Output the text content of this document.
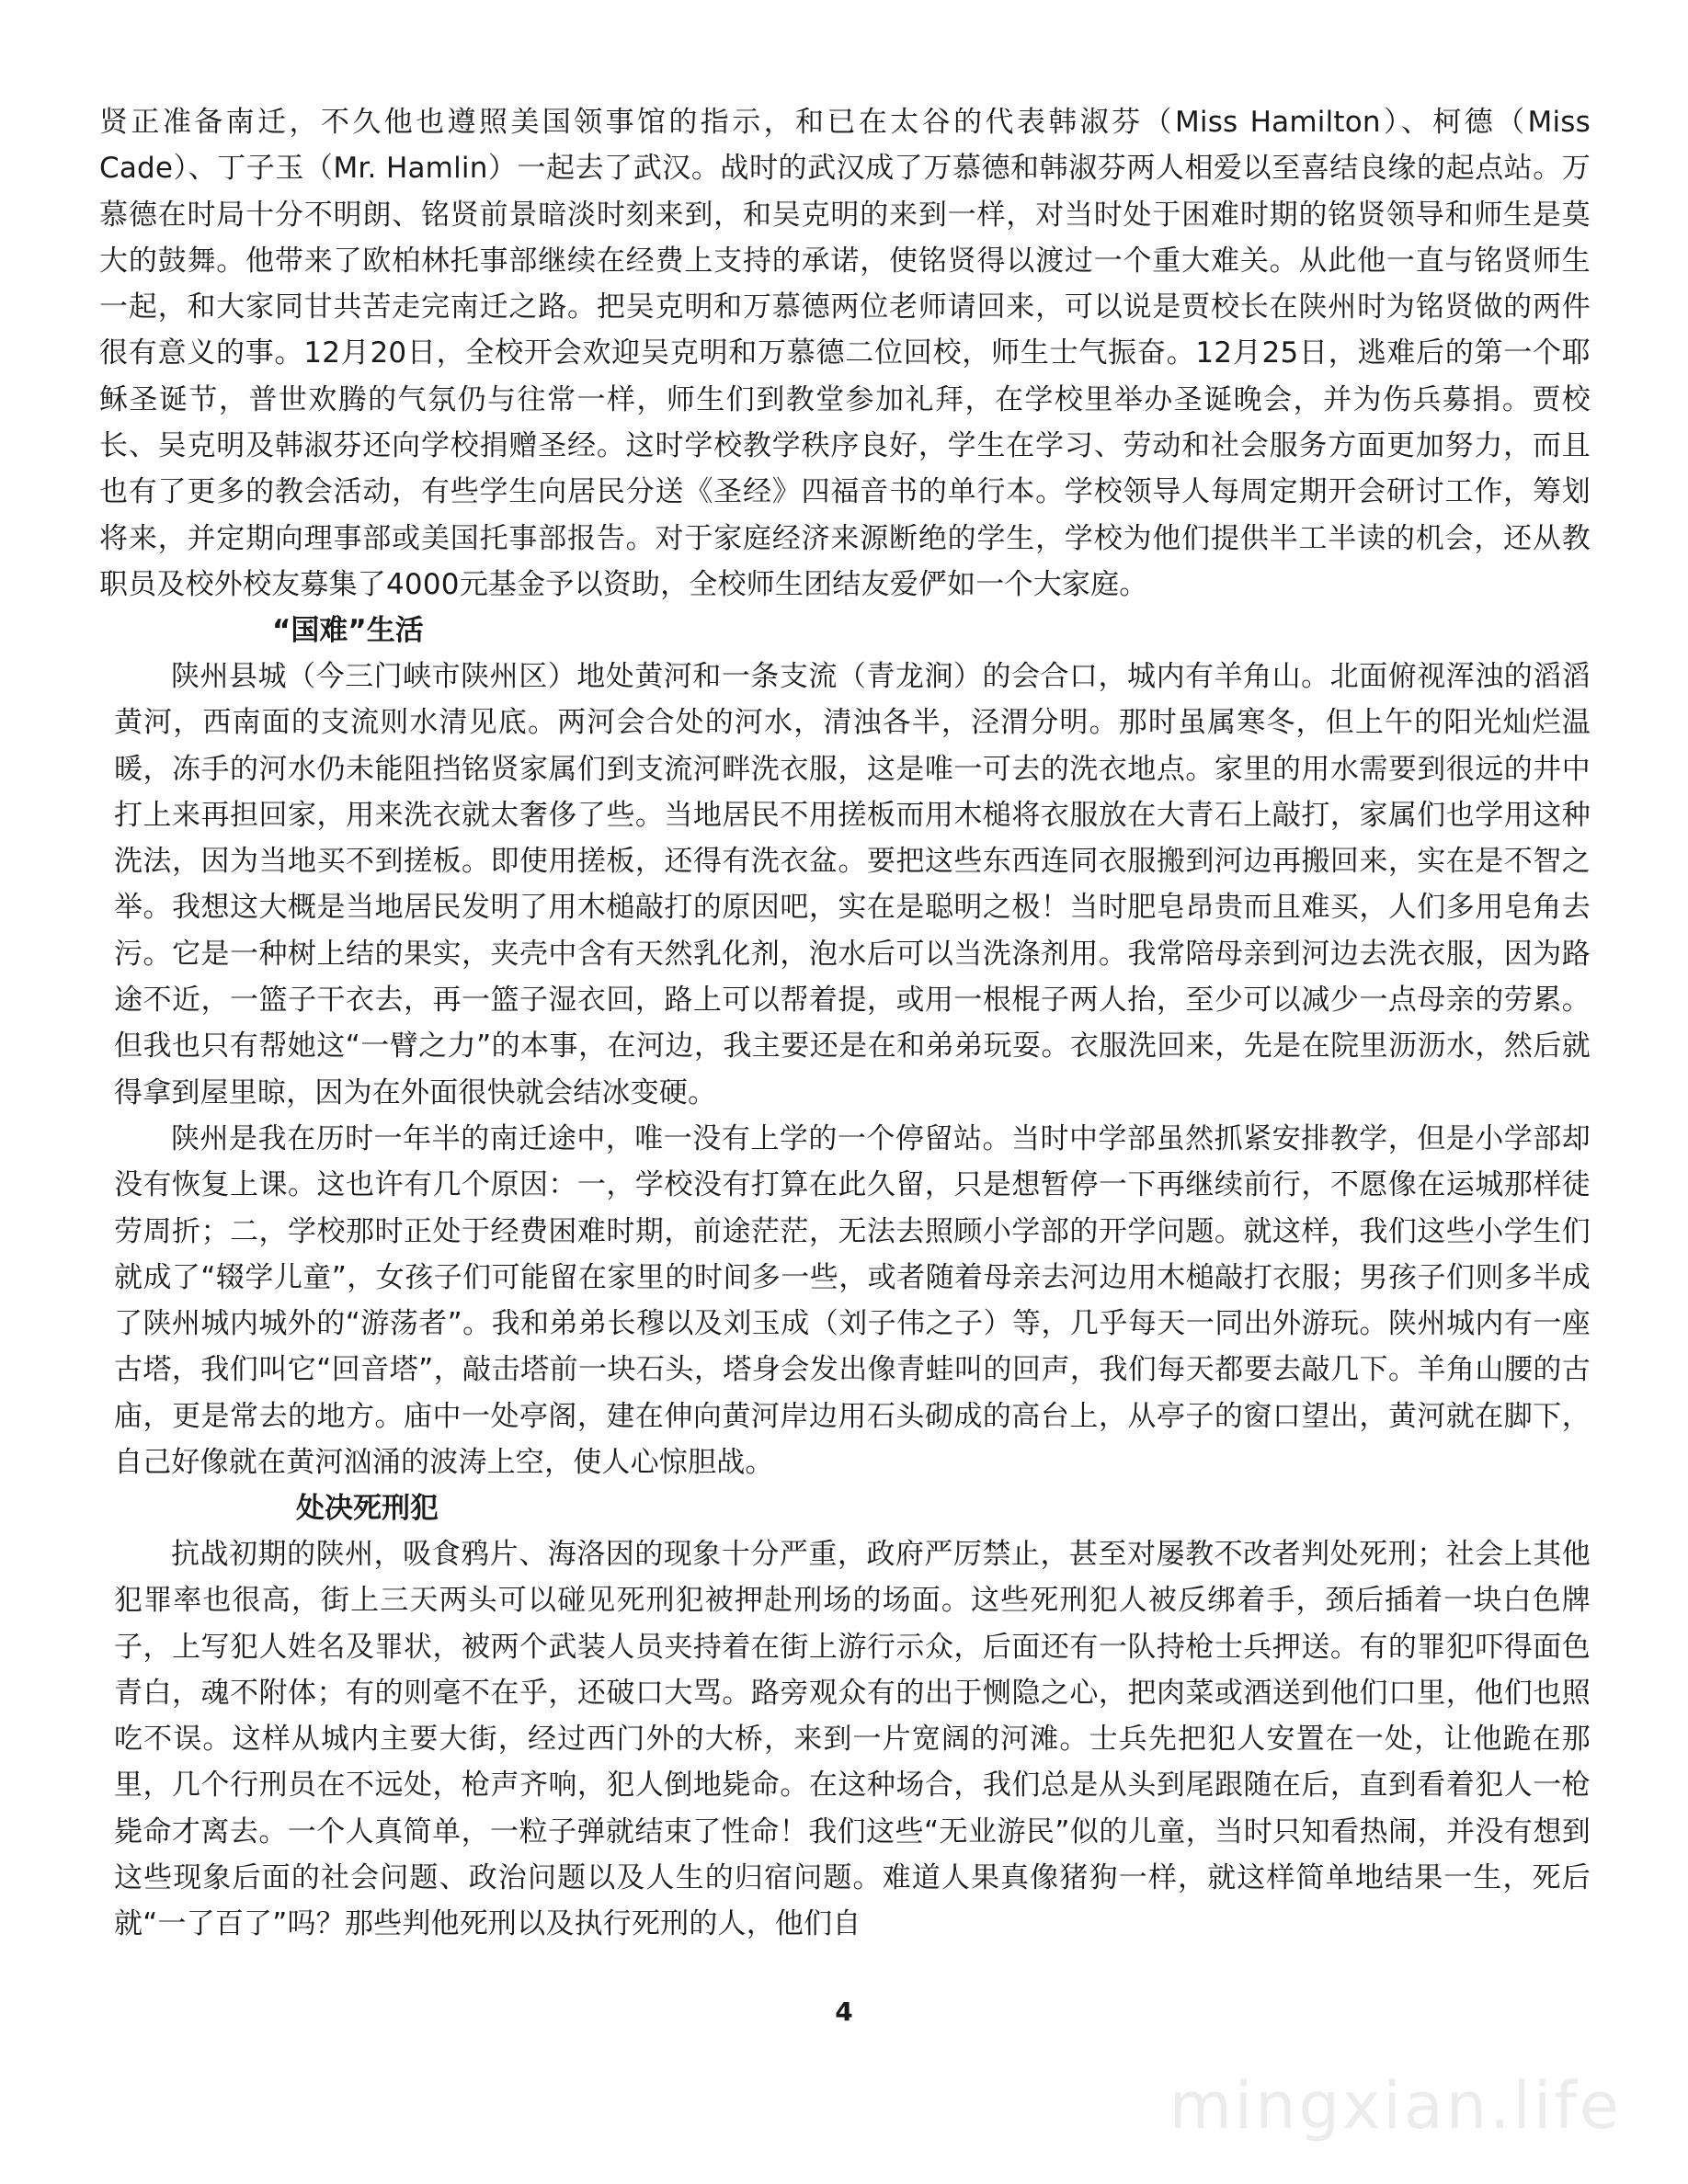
贤正准备南迁，不久他也遵照美国领事馆的指示，和已在太谷的代表韩淑芬（Miss Hamilton）、柯德（Miss Cade）、丁子玉（Mr. Hamlin）一起去了武汉。战时的武汉成了万慕德和韩淑芬两人相爱以至喜结良缘的起点站。万慕德在时局十分不明朗、铭贤前景暗淡时刻来到，和吴克明的来到一样，对当时处于困难时期的铭贤领导和师生是莫大的鼓舞。他带来了欧柏林托事部继续在经费上支持的承诺，使铭贤得以渡过一个重大难关。从此他一直与铭贤师生一起，和大家同甘共苦走完南迁之路。把吴克明和万慕德两位老师请回来，可以说是贾校长在陕州时为铭贤做的两件很有意义的事。12月20日，全校开会欢迎吴克明和万慕德二位回校，师生士气振奋。12月25日，逃难后的第一个耶稣圣诞节，普世欢腾的气氛仍与往常一样，师生们到教堂参加礼拜，在学校里举办圣诞晚会，并为伤兵募捐。贾校长、吴克明及韩淑芬还向学校捐赠圣经。这时学校教学秩序良好，学生在学习、劳动和社会服务方面更加努力，而且也有了更多的教会活动，有些学生向居民分送《圣经》四福音书的单行本。学校领导人每周定期开会研讨工作，筹划将来，并定期向理事部或美国托事部报告。对于家庭经济来源断绝的学生，学校为他们提供半工半读的机会，还从教职员及校外校友募集了4000元基金予以资助，全校师生团结友爱俨如一个大家庭。

“国难”生活

陕州县城（今三门峡市陕州区）地处黄河和一条支流（青龙涧）的会合口，城内有羊角山。北面俯视浑浊的滔滔黄河，西南面的支流则水清见底。两河会合处的河水，清浊各半，泾渭分明。那时虽属寒冬，但上午的阳光灿烂温暖，冻手的河水仍未能阻挡铭贤家属们到支流河畔洗衣服，这是唯一可去的洗衣地点。家里的用水需要到很远的井中打上来再担回家，用来洗衣就太奢侈了些。当地居民不用搓板而用木槌将衣服放在大青石上敲打，家属们也学用这种洗法，因为当地买不到搓板。即使用搓板，还得有洗衣盆。要把这些东西连同衣服搬到河边再搬回来，实在是不智之举。我想这大概是当地居民发明了用木槌敲打的原因吧，实在是聪明之极！当时肥皂昂贵而且难买，人们多用皂角去污。它是一种树上结的果实，夹壳中含有天然乳化剂，泡水后可以当洗涤剂用。我常陪母亲到河边去洗衣服，因为路途不近，一篮子干衣去，再一篮子湿衣回，路上可以帮着提，或用一根棍子两人抬，至少可以减少一点母亲的劳累。但我也只有帮她这“一臂之力”的本事，在河边，我主要还是在和弟弟玩耍。衣服洗回来，先是在院里沥沥水，然后就得拿到屋里晾，因为在外面很快就会结冰变硬。

陕州是我在历时一年半的南迁途中，唯一没有上学的一个停留站。当时中学部虽然抓紧安排教学，但是小学部却没有恢复上课。这也许有几个原因：一，学校没有打算在此久留，只是想暂停一下再继续前行，不愿像在运城那样徒劳周折；二，学校那时正处于经费困难时期，前途茫茫，无法去照顾小学部的开学问题。就这样，我们这些小学生们就成了“辍学儿童”，女孩子们可能留在家里的时间多一些，或者随着母亲去河边用木槌敲打衣服；男孩子们则多半成了陕州城内城外的“游荡者”。我和弟弟长穆以及刘玉成（刘子伟之子）等，几乎每天一同出外游玩。陕州城内有一座古塔，我们叫它“回音塔”，敲击塔前一块石头，塔身会发出像青蛙叫的回声，我们每天都要去敲几下。羊角山腰的古庙，更是常去的地方。庙中一处亭阁，建在伸向黄河岸边用石头砌成的高台上，从亭子的窗口望出，黄河就在脚下，自己好像就在黄河汹涌的波涛上空，使人心惊胆战。

处决死刑犯

抗战初期的陕州，吸食鸦片、海洛因的现象十分严重，政府严厉禁止，甚至对屡教不改者判处死刑；社会上其他犯罪率也很高，街上三天两头可以碰见死刑犯被押赴刑场的场面。这些死刑犯人被反绑着手，颈后插着一块白色牌子，上写犯人姓名及罪状，被两个武装人员夹持着在街上游行示众，后面还有一队持枪士兵押送。有的罪犯吓得面色青白，魂不附体；有的则毫不在乎，还破口大骂。路旁观众有的出于恻隐之心，把肉菜或酒送到他们口里，他们也照吃不误。这样从城内主要大街，经过西门外的大桥，来到一片宽阔的河滩。士兵先把犯人安置在一处，让他跪在那里，几个行刑员在不远处，枪声齐响，犯人倒地毙命。在这种场合，我们总是从头到尾跟随在后，直到看着犯人一枪毙命才离去。一个人真简单，一粒子弹就结束了性命！我们这些“无业游民”似的儿童，当时只知看热闹，并没有想到这些现象后面的社会问题、政治问题以及人生的归宿问题。难道人果真像猪狗一样，就这样简单地结果一生，死后就“一了百了”吗？那些判他死刑以及执行死刑的人，他们自

4
mingxian.life
